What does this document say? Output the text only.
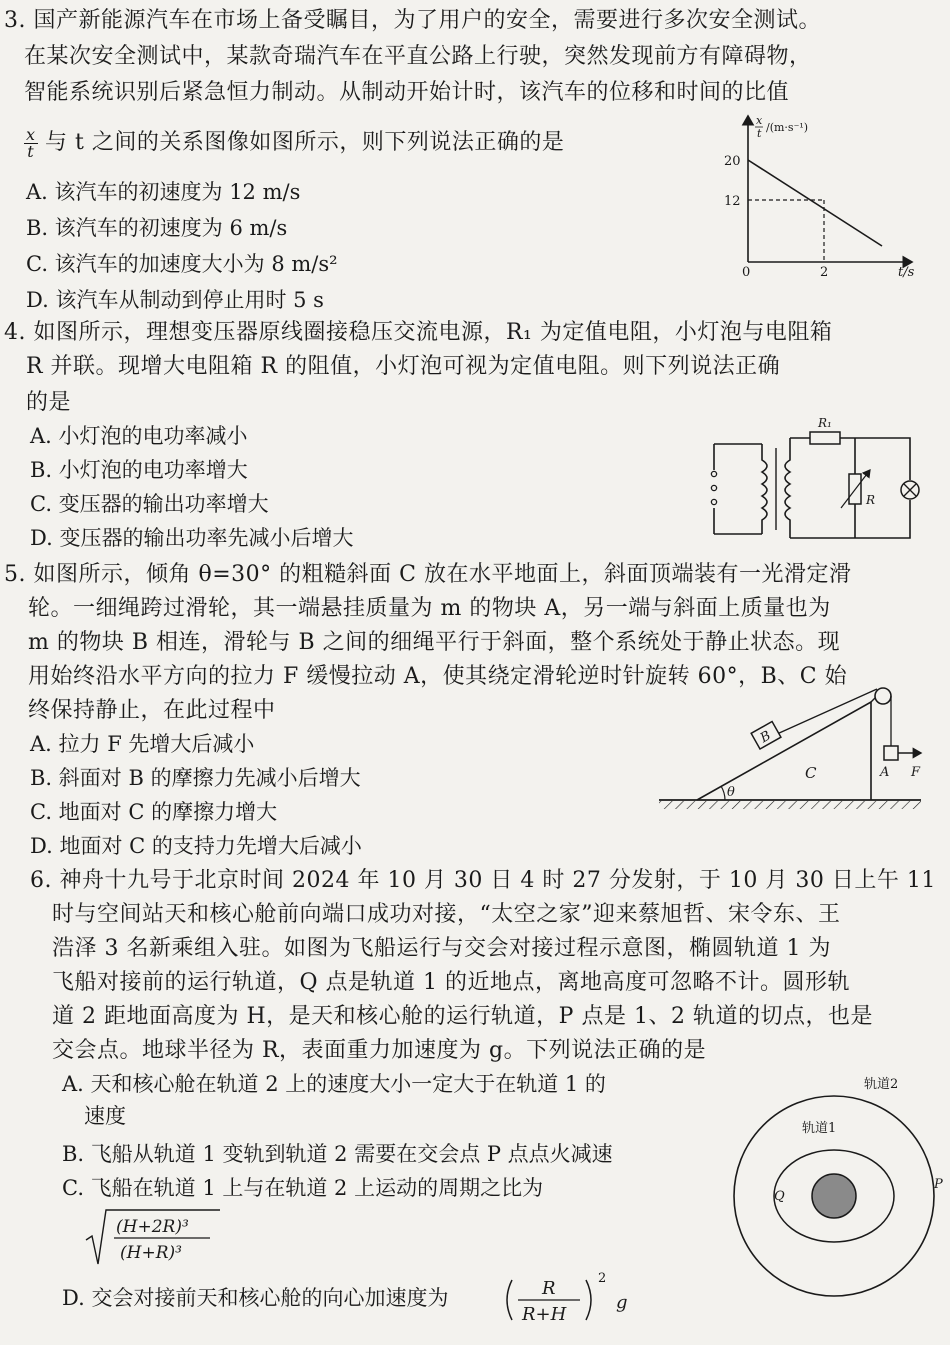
3. 国产新能源汽车在市场上备受瞩目，为了用户的安全，需要进行多次安全测试。
在某次安全测试中，某款奇瑞汽车在平直公路上行驶，突然发现前方有障碍物，
智能系统识别后紧急恒力制动。从制动开始计时，该汽车的位移和时间的比值
$\frac{x}{t}$ 与 t 之间的关系图像如图所示，则下列说法正确的是
A. 该汽车的初速度为 12 m/s
B. 该汽车的初速度为 6 m/s
C. 该汽车的加速度大小为 8 m/s²
D. 该汽车从制动到停止用时 5 s
x
t /(m·s⁻¹)
20
12
0	2	t/s
4. 如图所示，理想变压器原线圈接稳压交流电源，R₁ 为定值电阻，小灯泡与电阻箱
R 并联。现增大电阻箱 R 的阻值，小灯泡可视为定值电阻。则下列说法正确
的是
A. 小灯泡的电功率减小
B. 小灯泡的电功率增大
C. 变压器的输出功率增大
D. 变压器的输出功率先减小后增大
R₁
R
5. 如图所示，倾角 θ=30° 的粗糙斜面 C 放在水平地面上，斜面顶端装有一光滑定滑
轮。一细绳跨过滑轮，其一端悬挂质量为 m 的物块 A，另一端与斜面上质量也为
m 的物块 B 相连，滑轮与 B 之间的细绳平行于斜面，整个系统处于静止状态。现
用始终沿水平方向的拉力 F 缓慢拉动 A，使其绕定滑轮逆时针旋转 60°，B、C 始
终保持静止，在此过程中
A. 拉力 F 先增大后减小
B. 斜面对 B 的摩擦力先减小后增大
C. 地面对 C 的摩擦力增大
D. 地面对 C 的支持力先增大后减小
θ
B
C	A F
6. 神舟十九号于北京时间 2024 年 10 月 30 日 4 时 27 分发射，于 10 月 30 日上午 11
时与空间站天和核心舱前向端口成功对接，“太空之家”迎来蔡旭哲、宋令东、王
浩泽 3 名新乘组入驻。如图为飞船运行与交会对接过程示意图，椭圆轨道 1 为
飞船对接前的运行轨道，Q 点是轨道 1 的近地点，离地高度可忽略不计。圆形轨
道 2 距地面高度为 H，是天和核心舱的运行轨道，P 点是 1、2 轨道的切点，也是
交会点。地球半径为 R，表面重力加速度为 g。下列说法正确的是
A. 天和核心舱在轨道 2 上的速度大小一定大于在轨道 1 的
速度
B. 飞船从轨道 1 变轨到轨道 2 需要在交会点 P 点点火减速
C. 飞船在轨道 1 上与在轨道 2 上运动的周期之比为
(H+2R)³
(H+R)³
D. 交会对接前天和核心舱的向心加速度为	R
R+H
2
g
轨道2
轨道1
Q
P
